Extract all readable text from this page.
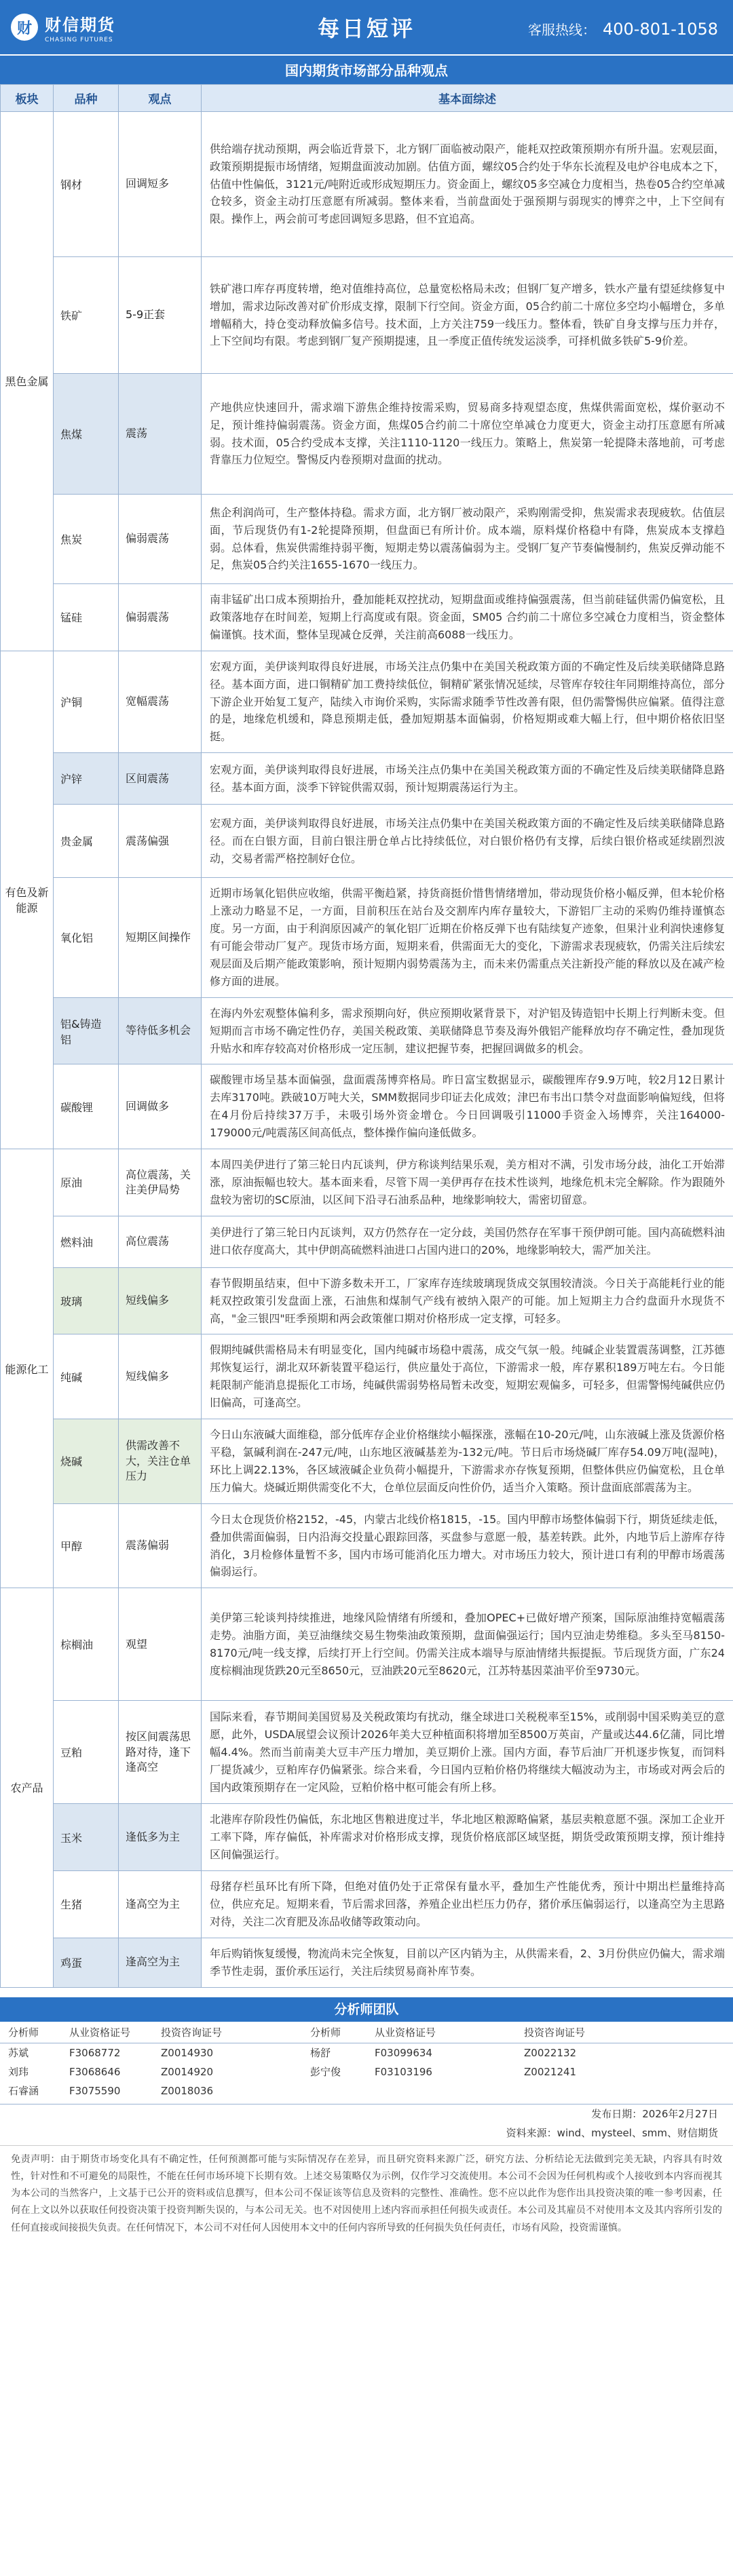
财 财信期货
CHASING FUTURES	每日短评	客服热线： 400-801-1058
国内期货市场部分品种观点
板块	品种	观点	基本面综述
黑色金属	钢材	回调短多	供给端存扰动预期，两会临近背景下，北方钢厂面临被动限产，能耗双控政策预期亦有所升温。宏观层面，政策预期提振市场情绪，短期盘面波动加剧。估值方面，螺纹05合约处于华东长流程及电炉谷电成本之下，估值中性偏低，3121元/吨附近或形成短期压力。资金面上，螺纹05多空减仓力度相当，热卷05合约空单减仓较多，资金主动打压意愿有所减弱。整体来看，当前盘面处于强预期与弱现实的博弈之中，上下空间有限。操作上，两会前可考虑回调短多思路，但不宜追高。
	铁矿	5-9正套	铁矿港口库存再度转增，绝对值维持高位，总量宽松格局未改；但钢厂复产增多，铁水产量有望延续修复中增加，需求边际改善对矿价形成支撑，限制下行空间。资金方面，05合约前二十席位多空均小幅增仓，多单增幅稍大，持仓变动释放偏多信号。技术面，上方关注759一线压力。整体看，铁矿自身支撑与压力并存，上下空间均有限。考虑到钢厂复产预期提速，且一季度正值传统发运淡季，可择机做多铁矿5-9价差。
	焦煤	震荡	产地供应快速回升，需求端下游焦企维持按需采购，贸易商多持观望态度，焦煤供需面宽松，煤价驱动不足，预计维持偏弱震荡。资金方面，焦煤05合约前二十席位空单减仓力度更大，资金主动打压意愿有所减弱。技术面，05合约受成本支撑，关注1110-1120一线压力。策略上，焦炭第一轮提降未落地前，可考虑背靠压力位短空。警惕反内卷预期对盘面的扰动。
	焦炭	偏弱震荡	焦企利润尚可，生产整体持稳。需求方面，北方钢厂被动限产，采购刚需受抑，焦炭需求表现疲软。估值层面，节后现货仍有1-2轮提降预期，但盘面已有所计价。成本端，原料煤价格稳中有降，焦炭成本支撑趋弱。总体看，焦炭供需维持弱平衡，短期走势以震荡偏弱为主。受钢厂复产节奏偏慢制约，焦炭反弹动能不足，焦炭05合约关注1655-1670一线压力。
	锰硅	偏弱震荡	南非锰矿出口成本预期抬升，叠加能耗双控扰动，短期盘面或维持偏强震荡，但当前硅锰供需仍偏宽松，且政策落地存在时间差，短期上行高度或有限。资金面，SM05 合约前二十席位多空减仓力度相当，资金整体偏谨慎。技术面，整体呈现减仓反弹，关注前高6088一线压力。
有色及新能源	沪铜	宽幅震荡	宏观方面，美伊谈判取得良好进展，市场关注点仍集中在美国关税政策方面的不确定性及后续美联储降息路径。基本面方面，进口铜精矿加工费持续低位，铜精矿紧张情况延续，尽管库存较往年同期维持高位，部分下游企业开始复工复产，陆续入市询价采购，实际需求随季节性改善有限，但仍需警惕供应偏紧。值得注意的是，地缘危机缓和，降息预期走低，叠加短期基本面偏弱，价格短期或难大幅上行，但中期价格依旧坚挺。
	沪锌	区间震荡	宏观方面，美伊谈判取得良好进展，市场关注点仍集中在美国关税政策方面的不确定性及后续美联储降息路径。基本面方面，淡季下锌锭供需双弱，预计短期震荡运行为主。
	贵金属	震荡偏强	宏观方面，美伊谈判取得良好进展，市场关注点仍集中在美国关税政策方面的不确定性及后续美联储降息路径。而在白银方面，目前白银注册仓单占比持续低位，对白银价格仍有支撑，后续白银价格或延续剧烈波动，交易者需严格控制好仓位。
	氧化铝	短期区间操作	近期市场氧化铝供应收缩，供需平衡趋紧，持货商挺价惜售情绪增加，带动现货价格小幅反弹，但本轮价格上涨动力略显不足，一方面，目前积压在站台及交割库内库存量较大，下游铝厂主动的采购仍维持谨慎态度。另一方面，由于利润原因减产的氧化铝厂近期在价格反弹下也有陆续复产迹象，但果汁业利润快速修复有可能会带动厂复产。现货市场方面，短期来看，供需面无大的变化，下游需求表现疲软，仍需关注后续宏观层面及后期产能政策影响，预计短期内弱势震荡为主，而未来仍需重点关注新投产能的释放以及在减产检修方面的进展。
	铝&铸造铝	等待低多机会	在海内外宏观整体偏利多，需求预期向好，供应预期收紧背景下，对沪铝及铸造铝中长期上行判断未变。但短期而言市场不确定性仍存，美国关税政策、美联储降息节奏及海外俄铝产能释放均存不确定性，叠加现货升贴水和库存较高对价格形成一定压制，建议把握节奏，把握回调做多的机会。
	碳酸锂	回调做多	碳酸锂市场呈基本面偏强，盘面震荡博弈格局。昨日富宝数据显示，碳酸锂库存9.9万吨，较2月12日累计去库3170吨。跌破10万吨大关，SMM数据同步印证去化成效；津巴布韦出口禁令对盘面影响偏短线，但将在4月份后持续37万手，未吸引场外资金增仓。今日回调吸引11000手资金入场博弈，关注164000-179000元/吨震荡区间高低点，整体操作偏向逢低做多。
能源化工	原油	高位震荡，关注美伊局势	本周四美伊进行了第三轮日内瓦谈判，伊方称谈判结果乐观，美方相对不满，引发市场分歧，油化工开始滞涨，原油振幅也较大。基本面来看，尽管下周一美伊再存在技术性谈判，地缘危机未完全解除。作为跟随外盘较为密切的SC原油，以区间下沿寻石油系品种，地缘影响较大，需密切留意。
	燃料油	高位震荡	美伊进行了第三轮日内瓦谈判，双方仍然存在一定分歧，美国仍然存在军事干预伊朗可能。国内高硫燃料油进口依存度高大，其中伊朗高硫燃料油进口占国内进口的20%，地缘影响较大，需严加关注。
	玻璃	短线偏多	春节假期虽结束，但中下游多数未开工，厂家库存连续玻璃现货成交氛围较清淡。今日关于高能耗行业的能耗双控政策引发盘面上涨，石油焦和煤制气产线有被纳入限产的可能。加上短期主力合约盘面升水现货不高，"金三银四"旺季预期和两会政策催口期对价格形成一定支撑，可轻多。
	纯碱	短线偏多	假期纯碱供需格局未有明显变化，国内纯碱市场稳中震荡，成交气氛一般。纯碱企业装置震荡调整，江苏德邦恢复运行，湖北双环新装置平稳运行，供应量处于高位，下游需求一般，库存累积189万吨左右。今日能耗限制产能消息提振化工市场，纯碱供需弱势格局暂未改变，短期宏观偏多，可轻多，但需警惕纯碱供应仍旧偏高，可逢高空。
	烧碱	供需改善不大，关注仓单压力	今日山东液碱大面维稳，部分低库存企业价格继续小幅探涨，涨幅在10-20元/吨，山东液碱上涨及货源价格平稳，氯碱利润在-247元/吨，山东地区液碱基差为-132元/吨。节日后市场烧碱厂库存54.09万吨(湿吨)，环比上调22.13%，各区域液碱企业负荷小幅提升，下游需求亦存恢复预期，但整体供应仍偏宽松，且仓单压力偏大。烧碱近期供需变化不大，仓单位层面反向性价仍，适当介入策略。预计盘面底部震荡为主。
	甲醇	震荡偏弱	今日太仓现货价格2152，-45，内蒙古北线价格1815，-15。国内甲醇市场整体偏弱下行，期货延续走低，叠加供需面偏弱，日内沿海交投量心跟踪回落，买盘参与意愿一般，基差转跌。此外，内地节后上游库存待消化，3月检修体量暂不多，国内市场可能消化压力增大。对市场压力较大，预计进口有利的甲醇市场震荡偏弱运行。
农产品	棕榈油	观望	美伊第三轮谈判持续推进，地缘风险情绪有所缓和，叠加OPEC+已做好增产预案，国际原油维持宽幅震荡走势。油脂方面，美豆油继续交易生物柴油政策预期，盘面偏强运行；国内豆油走势维稳。多头至马8150-8170元/吨一线支撑，后续打开上行空间。仍需关注成本端导与原油情绪共振提振。节后现货方面，广东24度棕榈油现货跌20元至8650元，豆油跌20元至8620元，江苏特基因菜油平价至9730元。
	豆粕	按区间震荡思路对待，逢下逢高空	国际来看，春节期间美国贸易及关税政策均有扰动，继全球进口关税税率至15%，或削弱中国采购美豆的意愿，此外，USDA展望会议预计2026年美大豆种植面积将增加至8500万英亩，产量或达44.6亿蒲，同比增幅4.4%。然而当前南美大豆丰产压力增加，美豆期价上涨。国内方面，春节后油厂开机逐步恢复，而饲料厂提货减少，豆粕库存仍偏紧张。综合来看，今日国内豆粕价格仍将继续大幅波动为主，市场或对两会后的国内政策预期存在一定风险，豆粕价格中枢可能会有所上移。
	玉米	逢低多为主	北港库存阶段性仍偏低，东北地区售粮进度过半，华北地区粮源略偏紧，基层卖粮意愿不强。深加工企业开工率下降，库存偏低，补库需求对价格形成支撑，现货价格底部区域坚挺，期货受政策预期支撑，预计维持区间偏强运行。
	生猪	逢高空为主	母猪存栏虽环比有所下降，但绝对值仍处于正常保有量水平，叠加生产性能优秀，预计中期出栏量维持高位，供应充足。短期来看，节后需求回落，养殖企业出栏压力仍存，猪价承压偏弱运行，以逢高空为主思路对待，关注二次育肥及冻品收储等政策动向。
	鸡蛋	逢高空为主	年后购销恢复缓慢，物流尚未完全恢复，目前以产区内销为主，从供需来看，2、3月份供应仍偏大，需求端季节性走弱，蛋价承压运行，关注后续贸易商补库节奏。
分析师团队
分析师	从业资格证号	投资咨询证号	分析师	从业资格证号	投资咨询证号
苏斌	F3068772	Z0014930	杨舒	F03099634	Z0022132
刘玮	F3068646	Z0014920	彭宁俊	F03103196	Z0021241
石睿涵	F3075590	Z0018036			
发布日期：2026年2月27日
资料来源：wind、mysteel、smm、财信期货
免责声明：由于期货市场变化具有不确定性，任何预测都可能与实际情况存在差异，而且研究资料来源广泛，研究方法、分析结论无法做到完美无缺，内容具有时效性，针对性和不可避免的局限性，不能在任何市场环境下长期有效。上述交易策略仅为示例，仅作学习交流使用。本公司不会因为任何机构或个人接收到本内容而视其为本公司的当然客户，上文基于已公开的资料或信息撰写，但本公司不保证该等信息及资料的完整性、准确性。您不应以此作为您作出具投资决策的唯一参考因素，任何在上文以外以获取任何投资决策于投资判断失误的，与本公司无关。也不对因使用上述内容而承担任何损失或责任。本公司及其雇员不对使用本文及其内容所引发的任何直接或间接损失负责。在任何情况下，本公司不对任何人因使用本文中的任何内容所导致的任何损失负任何责任，市场有风险，投资需谨慎。
